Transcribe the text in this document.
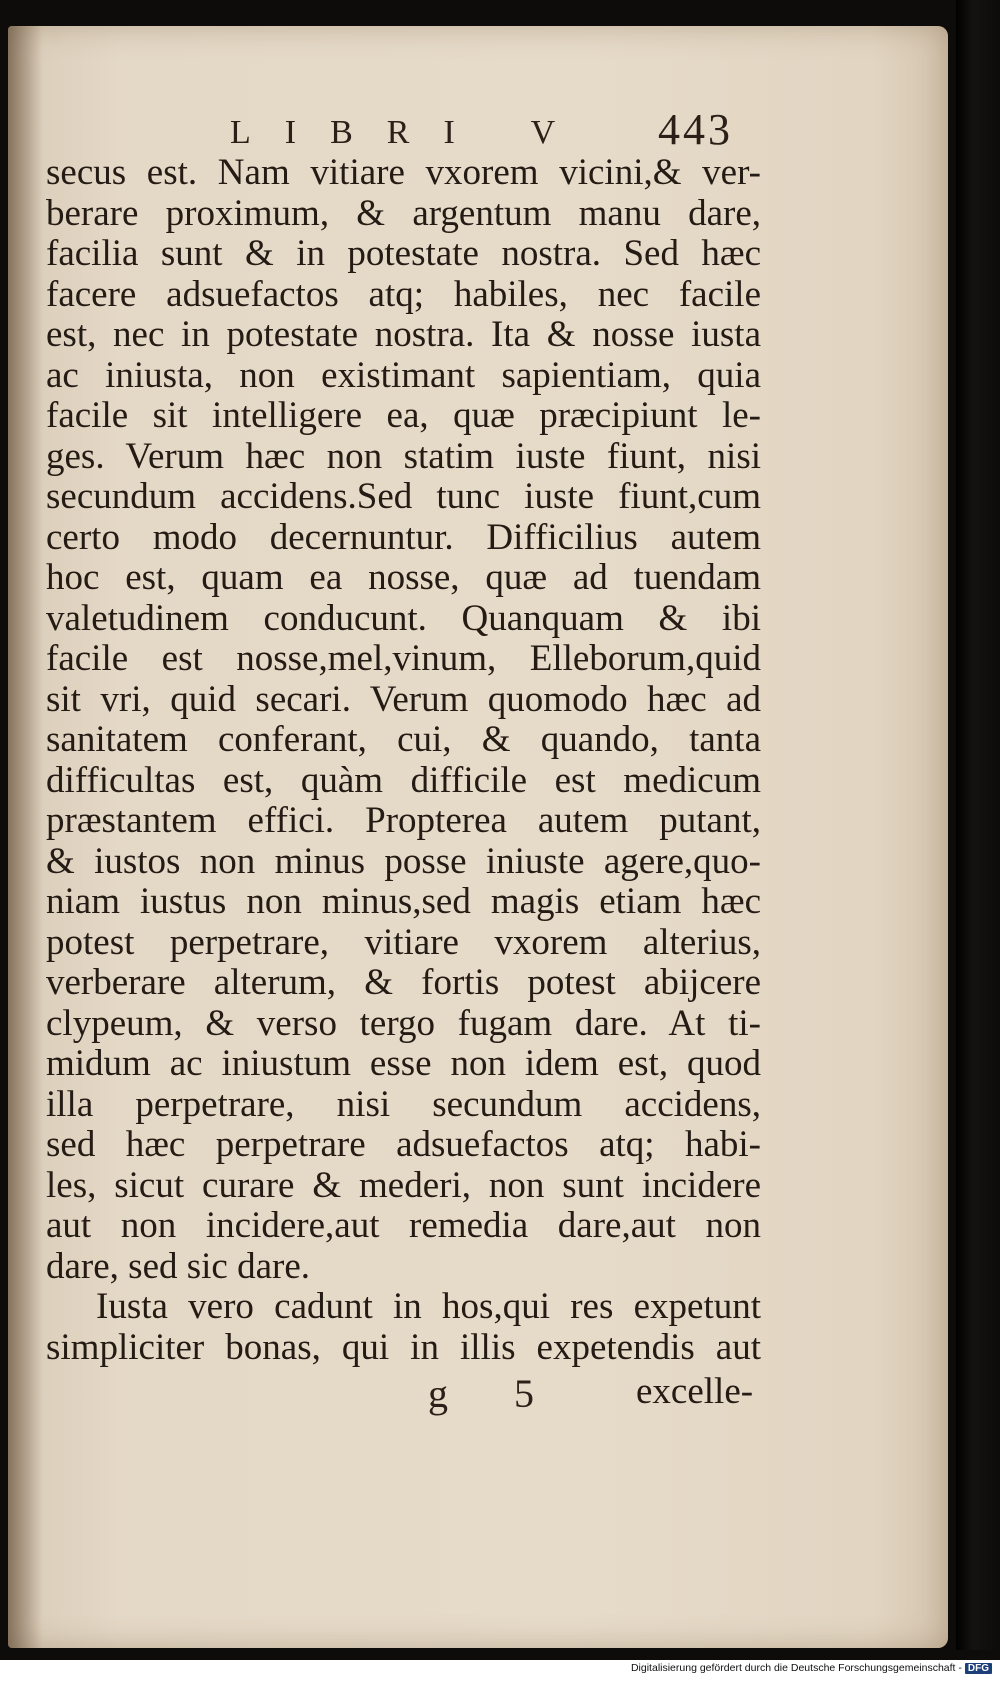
LIBRI V 443
secus est. Nam vitiare vxorem vicini,& ver-
berare proximum, & argentum manu dare,
facilia sunt & in potestate nostra. Sed hæc
facere adsuefactos atq; habiles, nec facile
est, nec in potestate nostra. Ita & nosse iusta
ac iniusta, non existimant sapientiam, quia
facile sit intelligere ea, quæ præcipiunt le-
ges. Verum hæc non statim iuste fiunt, nisi
secundum accidens.Sed tunc iuste fiunt,cum
certo modo decernuntur. Difficilius autem
hoc est, quam ea nosse, quæ ad tuendam
valetudinem conducunt. Quanquam & ibi
facile est nosse,mel,vinum, Elleborum,quid
sit vri, quid secari. Verum quomodo hæc ad
sanitatem conferant, cui, & quando, tanta
difficultas est, quàm difficile est medicum
præstantem effici. Propterea autem putant,
& iustos non minus posse iniuste agere,quo-
niam iustus non minus,sed magis etiam hæc
potest perpetrare, vitiare vxorem alterius,
verberare alterum, & fortis potest abijcere
clypeum, & verso tergo fugam dare. At ti-
midum ac iniustum esse non idem est, quod
illa perpetrare, nisi secundum accidens,
sed hæc perpetrare adsuefactos atq; habi-
les, sicut curare & mederi, non sunt incidere
aut non incidere,aut remedia dare,aut non
dare, sed sic dare.
Iusta vero cadunt in hos,qui res expetunt
simpliciter bonas, qui in illis expetendis aut
g 5 excelle-
Digitalisierung gefördert durch die Deutsche Forschungsgemeinschaft - DFG
